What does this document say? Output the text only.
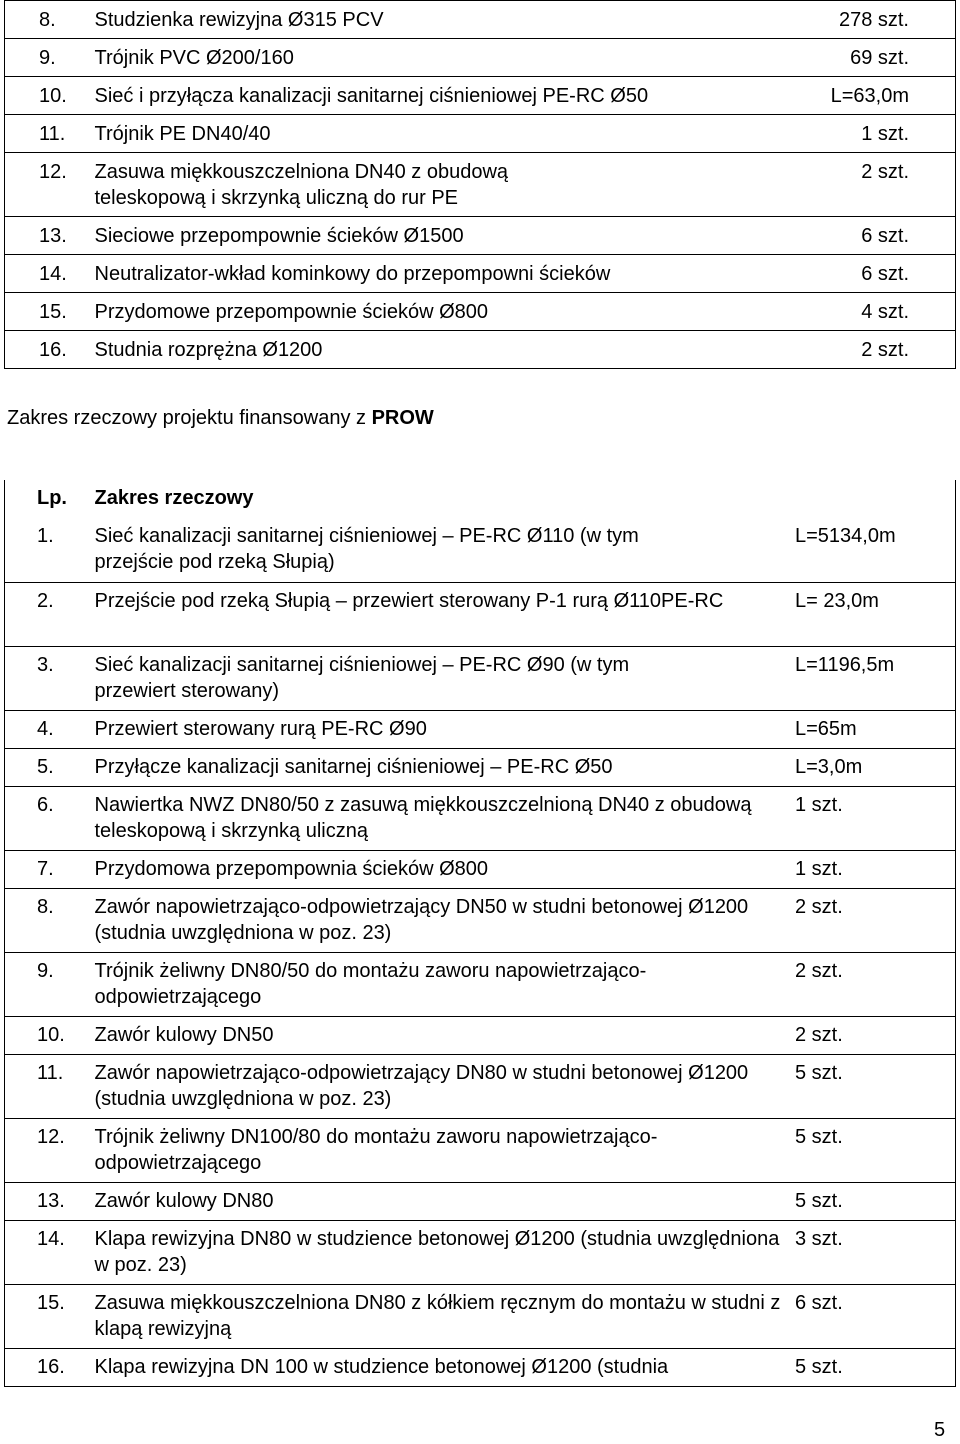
8.	Studzienka rewizyjna Ø315 PCV	278 szt.
9.	Trójnik PVC Ø200/160	69 szt.
10.	Sieć i przyłącza kanalizacji sanitarnej ciśnieniowej PE-RC Ø50	L=63,0m
11.	Trójnik PE DN40/40	1 szt.
12.	Zasuwa miękkouszczelniona DN40 z obudową teleskopową i skrzynką uliczną do rur PE	2 szt.
13.	Sieciowe przepompownie ścieków Ø1500	6 szt.
14.	Neutralizator-wkład kominkowy do przepompowni ścieków	6 szt.
15.	Przydomowe przepompownie ścieków Ø800	4 szt.
16.	Studnia rozprężna Ø1200	2 szt.
Zakres rzeczowy projektu finansowany z PROW
Lp.	Zakres rzeczowy	
1.	Sieć kanalizacji sanitarnej ciśnieniowej – PE-RC Ø110 (w tym przejście pod rzeką Słupią)	L=5134,0m
2.	Przejście pod rzeką Słupią – przewiert sterowany P-1 rurą Ø110PE-RC	L= 23,0m
3.	Sieć kanalizacji sanitarnej ciśnieniowej – PE-RC Ø90 (w tym przewiert sterowany)	L=1196,5m
4.	Przewiert sterowany rurą PE-RC Ø90	L=65m
5.	Przyłącze kanalizacji sanitarnej ciśnieniowej – PE-RC Ø50	L=3,0m
6.	Nawiertka NWZ DN80/50 z zasuwą miękkouszczelnioną DN40 z obudową teleskopową i skrzynką uliczną	1 szt.
7.	Przydomowa przepompownia ścieków Ø800	1 szt.
8.	Zawór napowietrzająco-odpowietrzający DN50 w studni betonowej Ø1200 (studnia uwzględniona w poz. 23)	2 szt.
9.	Trójnik żeliwny DN80/50 do montażu zaworu napowietrzająco-odpowietrzającego	2 szt.
10.	Zawór kulowy DN50	2 szt.
11.	Zawór napowietrzająco-odpowietrzający DN80 w studni betonowej Ø1200 (studnia uwzględniona w poz. 23)	5 szt.
12.	Trójnik żeliwny DN100/80 do montażu zaworu napowietrzająco-odpowietrzającego	5 szt.
13.	Zawór kulowy DN80	5 szt.
14.	Klapa rewizyjna DN80 w studzience betonowej Ø1200 (studnia uwzględniona w poz. 23)	3 szt.
15.	Zasuwa miękkouszczelniona DN80 z kółkiem ręcznym do montażu w studni z klapą rewizyjną	6 szt.
16.	Klapa rewizyjna DN 100 w studzience betonowej Ø1200 (studnia	5 szt.
5
